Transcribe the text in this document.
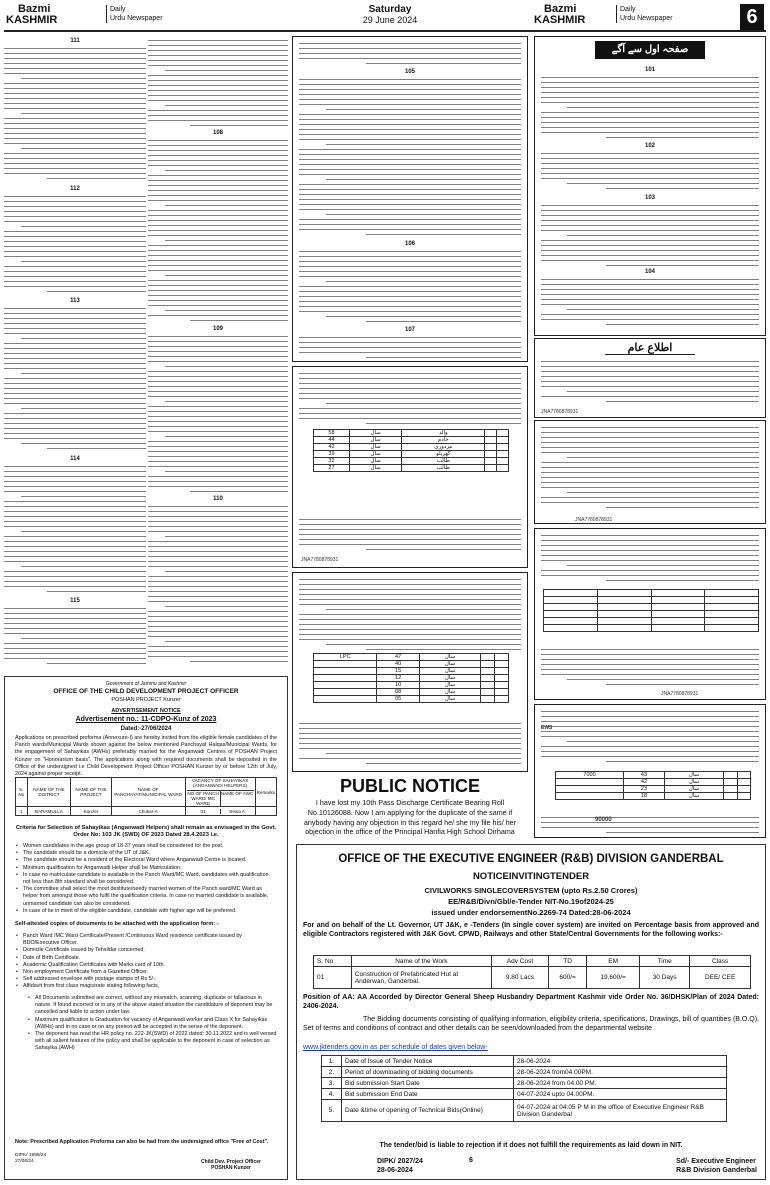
Bazmi
KASHMIR
Daily
Urdu Newspaper
Saturday
29 June 2024
Bazmi
KASHMIR
Daily
Urdu Newspaper	6
111
112
113
114
115
108
109
110
105
106
107
58	سال	والد		
44	سال	خادم		
42	سال	مزدوری		
39	سال	گھریلو		
32	سال	طالب		
27	سال	طالب		
JNA7780878931
LPC	47	سال		
	40	سال		
	15	سال		
	12	سال		
	10	سال		
	08	سال		
	05	سال		
PUBLIC NOTICE
I have lost my 10th Pass Discharge Certificate Bearing Roll
No.10126088. Now I am applying for the duplicate of the same if
anybody having any objection in this regard he/ she my file his/ her
صفحہ اول سے آگے
101
102
103
104
اطلاع عام
JNA7780878931
JNA7780878931

JNA7780878931
7000	43	سال		
	42	سال		
	23	سال		
	18	سال		
EWS
90000
Government of Jammu and Kashmir
OFFICE OF THE CHILD DEVELOPMENT PROJECT OFFICER
POSHAN PROJECT Kunzer
ADVERTISEMENT NOTICE
Advertisement no.: 11-CDPO-Kunz of 2023
Dated:-27/06/2024
Applications on prescribed proforma (Annexure-I) are hereby invited from the eligible female candidates of the Panch wards/Municipal Wards shown against the below mentioned Panchayat Halqas/Municipal Wards, for the engagement of Sahayikas (AWHs) preferably married for the Anganwadi Centres of POSHAN Project Kunzer on "Honorarium basis". The applications along with required documents shall be deposited in the Office of the undersigned i.e Child Development Project Officer POSHAN Kunzer by or before 12th of July, 2024 against proper receipt.
S. No	NAME OF THE DISTRICT	NAME OF THE PROJECT	NAME OF PANCHAYAT/MUNICIPAL WARD	VACANCY OF SAHAYIKAS (ANGANWADI HELPERS)
NO OF PANCH WARD/ MC WARD
NAME OF AWC	Remarks
1	BARAMULLA	Kunzer	Chukar-A	01 Sewa A	

Criteria for Selection of Sahayikas (Anganwadi Helpers) shall remain as envisaged in the Govt. Order No: 103 JK (SWD) OF 2023 Dated 28.4.2023 i.e.
• Women candidates in the age group of 18-37 years shall be considered for the post.
• The candidate should be a domicile of the UT of J&K.
• The candidate should be a resident of the Electoral Ward where Anganwadi Centre is located.
• Minimum qualification for Anganwadi Helper shall be Matriculation.
• In case no matriculate candidate is available in the Panch Ward/MC Ward, candidates with qualification not less than 8th standard shall be considered.
• The committee shall select the most destitute/needy married women of the Panch ward/MC Ward as helper from amongst those who fulfil the qualification criteria. In case no married candidate is available, unmarried candidate can also be considered.
• In case of tie in merit of the eligible candidate, candidate with higher age will be preferred.
Self-attested copies of documents to be attached with the application form: -
• Panch Ward /MC Ward Certificate/Present /Continuous Ward residence certificate issued by BDO/Executive Officer.
• Domicile Certificate issued by Tehsildar concerned.
• Date of Birth Certificate.
• Academic Qualification Certificates with Marks card of 10th.
• Non employment Certificate from a Gazetted Officer.
• Self addressed envelope with postage stamps of Rs 5/-.
• Affidavit from first class magistrate stating following facts,
• All Documents submitted are correct, without any mismatch, scanning, duplicate or fallacious in nature. If found incorrect or in any of the above stated situation the candidature of deponent may be cancelled and liable to action under law.
• Maximum qualification is Graduation for vacancy of Anganwadi worker and Class X for Sahayikas (AWHs) and in no case or on any pretext will be accepted in the sense of the deponent.
• The deponent has read the HR policy no. 222-JK(SWD) of 2022 dated: 30.11.2022 and is well versed with all salient features of the policy and shall be applicable to the deponent in case of selection as Sahayika (AWH)
Note: Prescribed Application Proforma can also be had from the undersigned office "Free of Cost".
DIPK/ 1999/24
27/06/24	Child Dev. Project Officer
POSHAN Kunzer
objection in the office of the Principal Hanfia High School Dirhama
OFFICE OF THE EXECUTIVE ENGINEER (R&B) DIVISION GANDERBAL
NOTICEINVITINGTENDER
CIVILWORKS SINGLECOVERSYSTEM (upto Rs.2.50 Crores)
EE/R&B/Divn/Gbl/e-Tender NIT-No.19of2024-25
issued under endorsementNo.2269-74 Dated:28-06-2024
For and on behalf of the Lt. Governor, UT J&K, e -Tenders (In single cover system) are invited on Percentage basis from approved and eligible Contractors registered with J&K Govt. CPWD, Railways and other State/Central Governments for the following works:-
S. No	Name of the Work	Adv Cost	TD	EM	Time	Class
01	Construction of Prefabricated Hut at Anderwan, Ganderbal.	9.80 Lacs	600/=	19,600/=	30 Days	DEE/ CEE
Position of AA: AA Accorded by Director General Sheep Husbandry Department Kashmir vide Order No. 36/DHSK/Plan of 2024 Dated: 2406-2024.
The Bidding documents consisting of qualifying information, eligibility criteria, specifications, Drawings, bill of quantities (B.O.Q), Set of terms and conditions of contract and other details can be seen/downloaded from the departmental website
www.jktenders.gov.in as per schedule of dates given below-
1.	Date of Issue of Tender Notice	28-06-2024
2.	Period of downloading of bidding documents	28-06-2024 from04.00PM.
3.	Bid submission Start Date	28-06-2024 from 04.00 PM.
4.	Bid submission End Date	04-07-2024 upto 04.00PM.
5.	Date &time of opening of Technical Bids(Online)	04-07-2024 at 04:05 P M in the office of Executive Engineer R&B Division Ganderbal
The tender/bid is liable to rejection if it does not fulfill the requirements as laid down in NIT.
DIPK/ 2027/24
28-06-2024
6	Sd/- Executive Engineer
R&B Division Ganderbal
